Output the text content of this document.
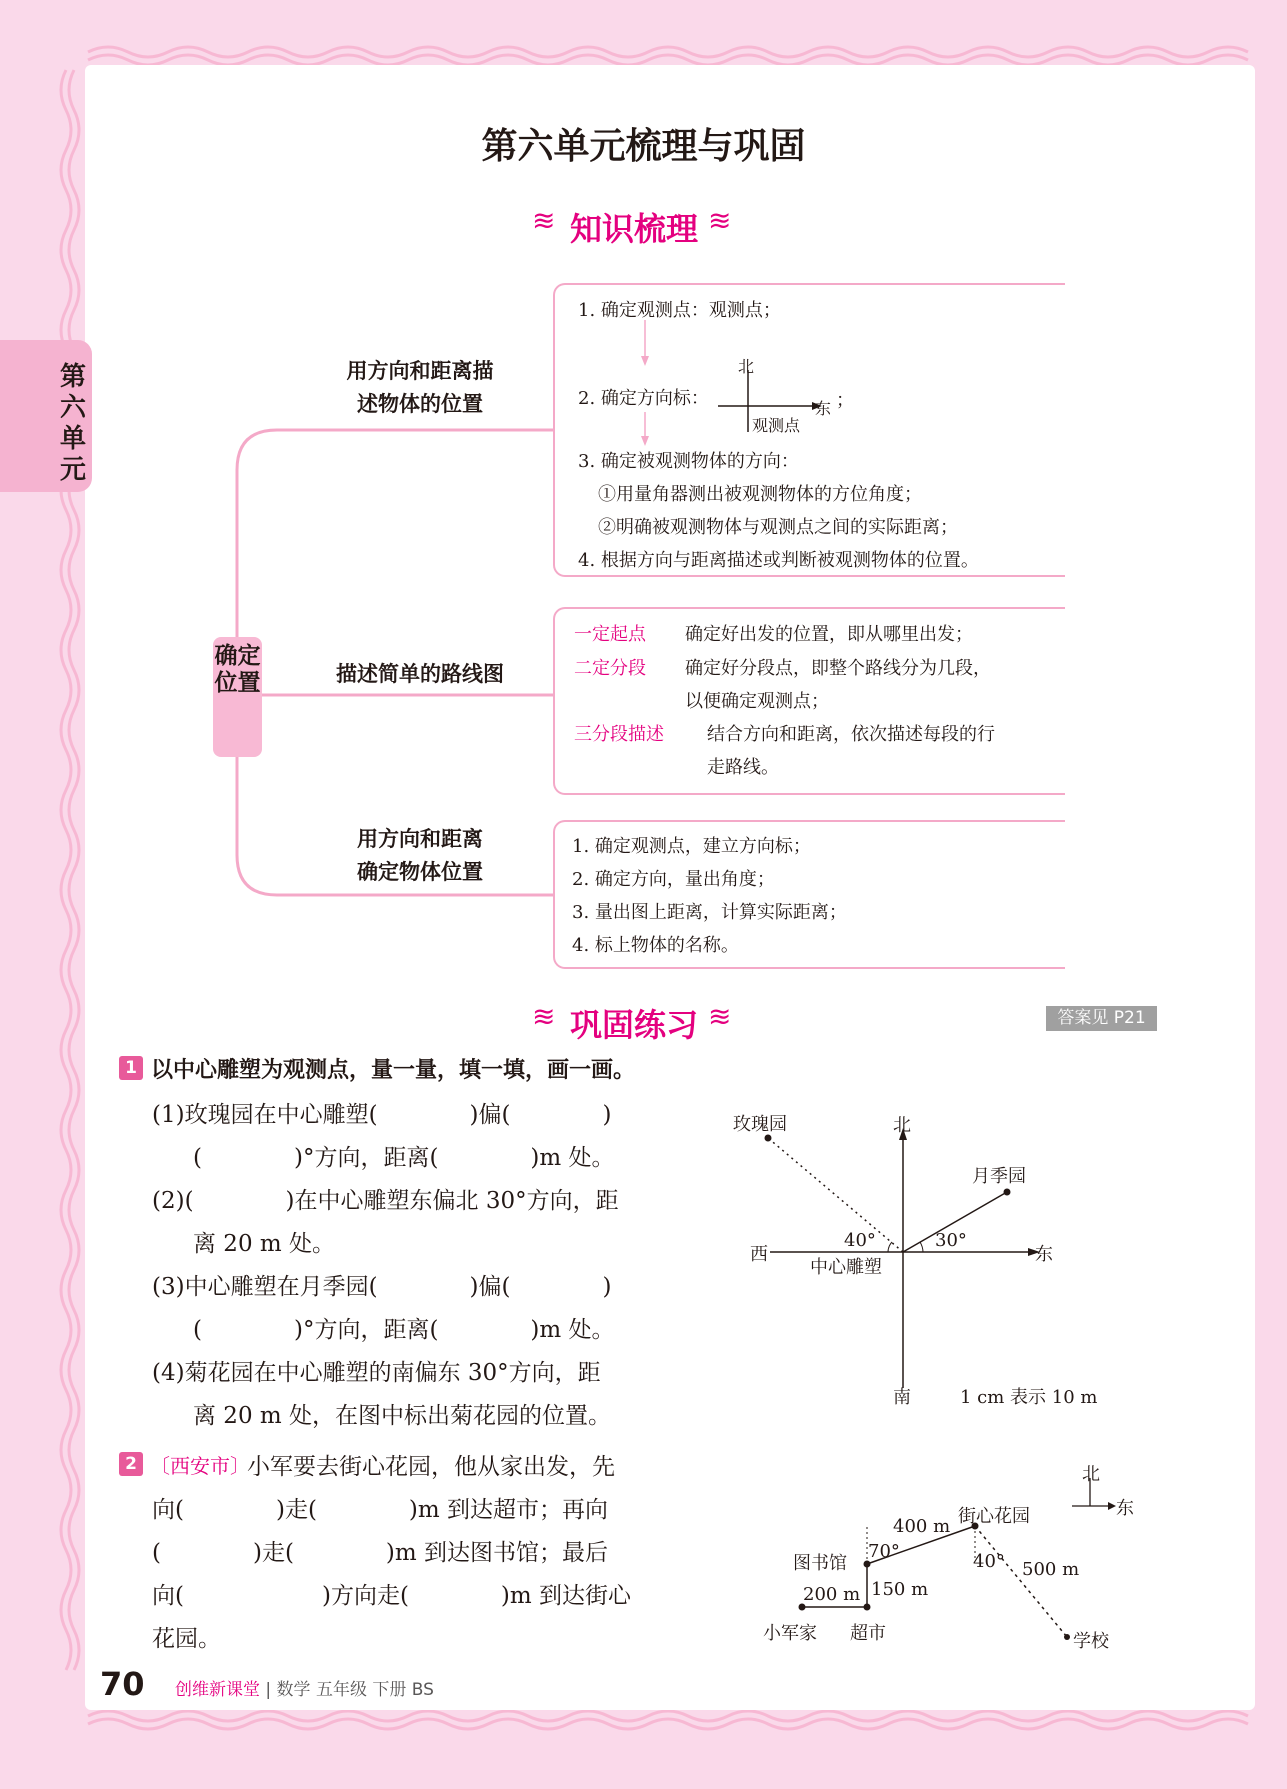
第六单元
第六单元梳理与巩固
≋ 知识梳理 ≋
确定位置
用方向和距离描
述物体的位置
1. 确定观测点：观测点；
2. 确定方向标：
北
东 ；
观测点
3. 确定被观测物体的方向：
①用量角器测出被观测物体的方位角度；
②明确被观测物体与观测点之间的实际距离；
4. 根据方向与距离描述或判断被观测物体的位置。
描述简单的路线图
一定起点 确定好出发的位置，即从哪里出发；
二定分段 确定好分段点，即整个路线分为几段，
以便确定观测点；
三分段描述 结合方向和距离，依次描述每段的行
走路线。
用方向和距离
确定物体位置
1. 确定观测点，建立方向标；
2. 确定方向，量出角度；
3. 量出图上距离，计算实际距离；
4. 标上物体的名称。
≋ 巩固练习 ≋	答案见 P21
1 以中心雕塑为观测点，量一量，填一填，画一画。
(1)玫瑰园在中心雕塑(　　　　)偏(　　　　)
(　　　　)°方向，距离(　　　　)m 处。
(2)(　　　　)在中心雕塑东偏北 30°方向，距
离 20 m 处。
(3)中心雕塑在月季园(　　　　)偏(　　　　)
(　　　　)°方向，距离(　　　　)m 处。
(4)菊花园在中心雕塑的南偏东 30°方向，距
离 20 m 处，在图中标出菊花园的位置。
玫瑰园	北
月季园
40°	30°
西	东
中心雕塑
南	1 cm 表示 10 m
2 〔西安市〕
小军要去街心花园，他从家出发，先
向(　　　　)走(　　　　)m 到达超市；再向
(　　　　)走(　　　　)m 到达图书馆；最后
向(　　　　　　)方向走(　　　　)m 到达街心
花园。
北
东
街心花园
400 m
70°
图书馆	40° 500 m
150 m
200 m
小军家 超市	学校
70 创维新课堂 | 数学 五年级 下册 BS
